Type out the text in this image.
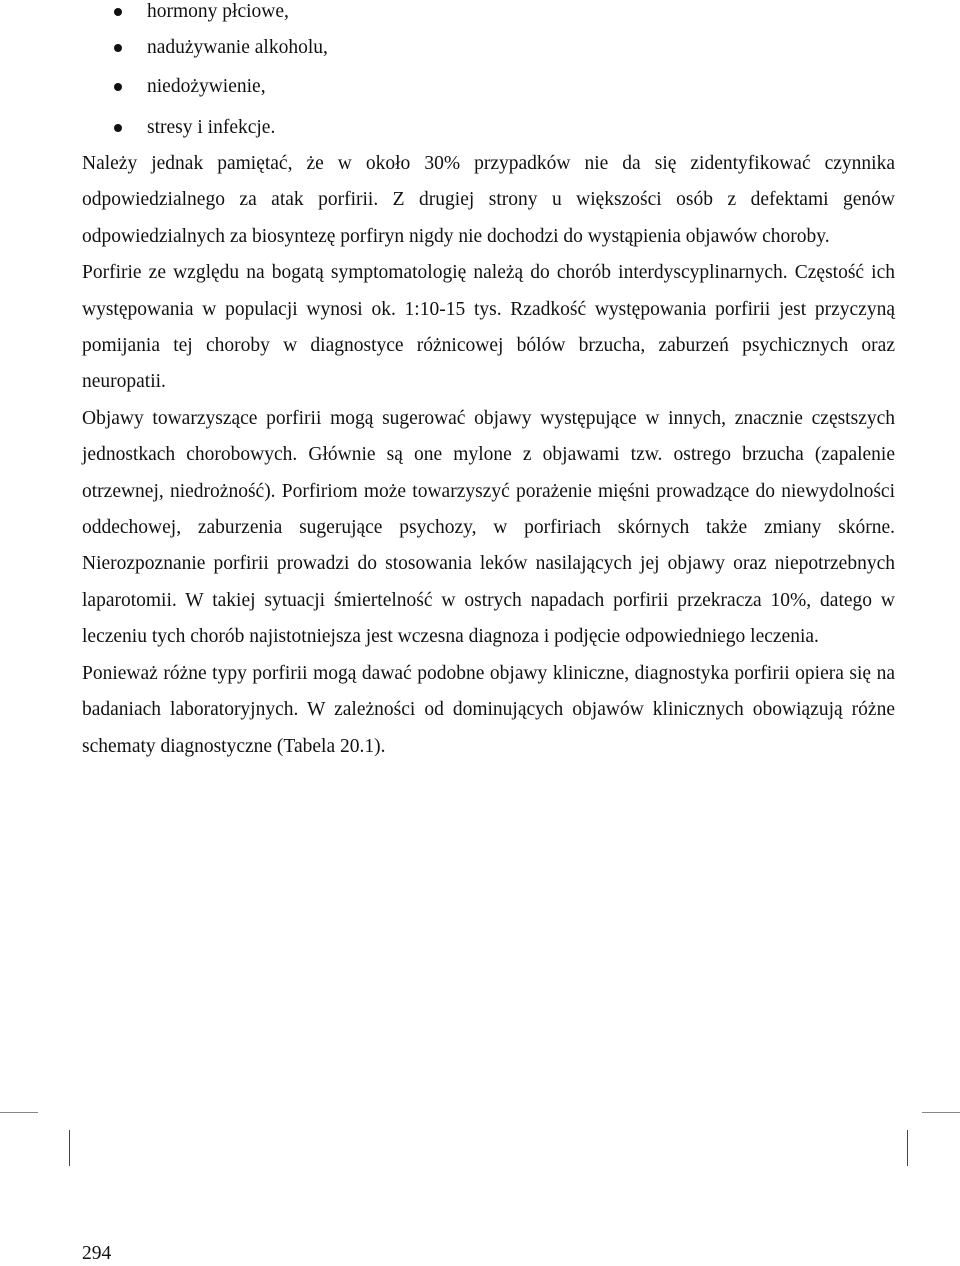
hormony płciowe,
nadużywanie alkoholu,
niedożywienie,
stresy i infekcje.

Należy jednak pamiętać, że w około 30% przypadków nie da się zidentyfikować czynnika odpowiedzialnego za atak porfirii. Z drugiej strony u większości osób z defektami genów odpowiedzialnych za biosyntezę porfiryn nigdy nie dochodzi do wystąpienia objawów choroby.

Porfirie ze względu na bogatą symptomatologię należą do chorób interdyscyplinarnych. Częstość ich występowania w populacji wynosi ok. 1:10-15 tys. Rzadkość występowania porfirii jest przyczyną pomijania tej choroby w diagnostyce różnicowej bólów brzucha, zaburzeń psychicznych oraz neuropatii.

Objawy towarzyszące porfirii mogą sugerować objawy występujące w innych, znacznie częstszych jednostkach chorobowych. Głównie są one mylone z objawami tzw. ostrego brzucha (zapalenie otrzewnej, niedrożność). Porfiriom może towarzyszyć porażenie mięśni prowadzące do niewydolności oddechowej, zaburzenia sugerujące psychozy, w porfiriach skórnych także zmiany skórne. Nierozpoznanie porfirii prowadzi do stosowania leków nasilających jej objawy oraz niepotrzebnych laparotomii. W takiej sytuacji śmiertelność w ostrych napadach porfirii przekracza 10%, datego w leczeniu tych chorób najistotniejsza jest wczesna diagnoza i podjęcie odpowiedniego leczenia.

Ponieważ różne typy porfirii mogą dawać podobne objawy kliniczne, diagnostyka porfirii opiera się na badaniach laboratoryjnych. W zależności od dominujących objawów klinicznych obowiązują różne schematy diagnostyczne (Tabela 20.1).

294
